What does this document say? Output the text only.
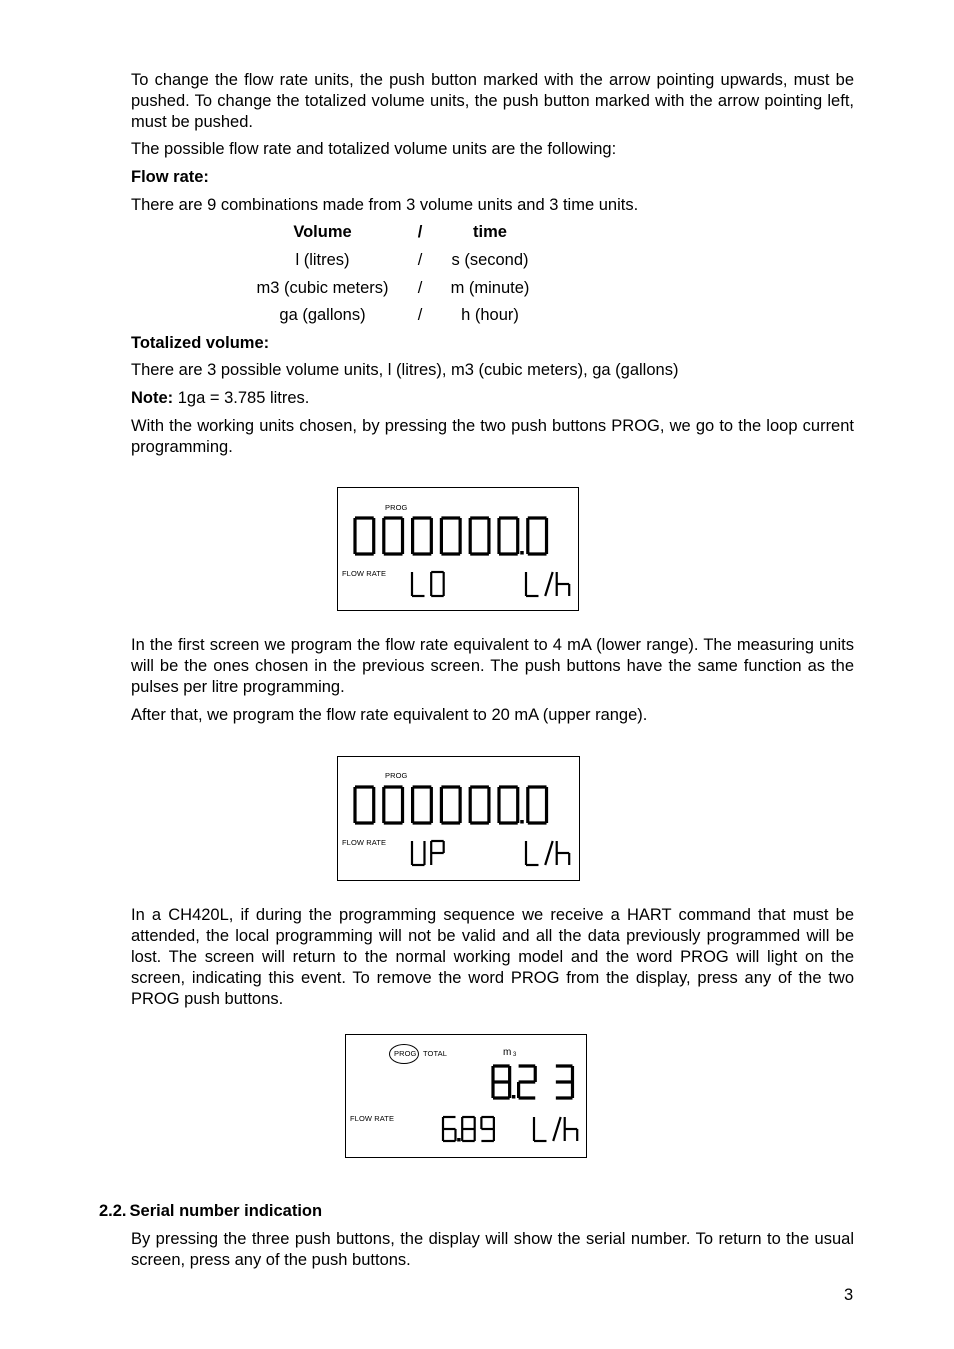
To change the flow rate units, the push button marked with the arrow pointing upwards, must be pushed. To change the totalized volume units, the push button marked with the arrow pointing left, must be pushed.

The possible flow rate and totalized volume units are the following:

Flow rate:

There are 9 combinations made from 3 volume units and 3 time units.

Volume	/	time
l (litres)	/	s (second)
m3 (cubic meters)	/	m (minute)
ga (gallons)	/	h (hour)

Totalized volume:

There are 3 possible volume units, l (litres), m3 (cubic meters), ga (gallons)

Note: 1ga = 3.785 litres.

With the working units chosen, by pressing the two push buttons PROG, we go to the loop current programming.

PROG
FLOW RATE

In the first screen we program the flow rate equivalent to 4 mA (lower range). The measuring units will be the ones chosen in the previous screen. The push buttons have the same function as the pulses per litre programming.

After that, we program the flow rate equivalent to 20 mA (upper range).

PROG
FLOW RATE

In a CH420L, if during the programming sequence we receive a HART command that must be attended, the local programming will not be valid and all the data previously programmed will be lost. The screen will return to the normal working model and the word PROG will light on the screen, indicating this event. To remove the word PROG from the display, press any of the two PROG push buttons.

PROG TOTAL	m 3
FLOW RATE
2.2. Serial number indication

By pressing the three push buttons, the display will show the serial number. To return to the usual screen, press any of the push buttons.

3
